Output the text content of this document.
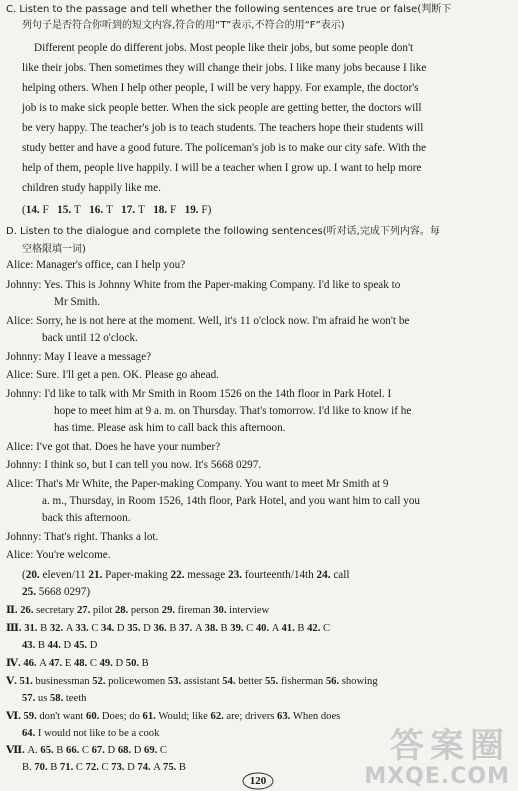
C. Listen to the passage and tell whether the following sentences are true or false(判断下
列句子是否符合你听到的短文内容,符合的用“T”表示,不符合的用“F”表示)
Different people do different jobs. Most people like their jobs, but some people don't
like their jobs. Then sometimes they will change their jobs. I like many jobs because I like
helping others. When I help other people, I will be very happy. For example, the doctor's
job is to make sick people better. When the sick people are getting better, the doctors will
be very happy. The teacher's job is to teach students. The teachers hope their students will
study better and have a good future. The policeman's job is to make our city safe. With the
help of them, people live happily. I will be a teacher when I grow up. I want to help more
children study happily like me.
(14. F 15. T 16. T 17. T 18. F 19. F)
D. Listen to the dialogue and complete the following sentences(听对话,完成下列内容。每
空格限填一词)
Alice: Manager's office, can I help you?
Johnny: Yes. This is Johnny White from the Paper-making Company. I'd like to speak to
Mr Smith.
Alice: Sorry, he is not here at the moment. Well, it's 11 o'clock now. I'm afraid he won't be
back until 12 o'clock.
Johnny: May I leave a message?
Alice: Sure. I'll get a pen. OK. Please go ahead.
Johnny: I'd like to talk with Mr Smith in Room 1526 on the 14th floor in Park Hotel. I
hope to meet him at 9 a. m. on Thursday. That's tomorrow. I'd like to know if he
has time. Please ask him to call back this afternoon.
Alice: I've got that. Does he have your number?
Johnny: I think so, but I can tell you now. It's 5668 0297.
Alice: That's Mr White, the Paper-making Company. You want to meet Mr Smith at 9
a. m., Thursday, in Room 1526, 14th floor, Park Hotel, and you want him to call you
back this afternoon.
Johnny: That's right. Thanks a lot.
Alice: You're welcome.
(20. eleven/11 21. Paper-making 22. message 23. fourteenth/14th 24. call
25. 5668 0297)
Ⅱ. 26. secretary 27. pilot 28. person 29. fireman 30. interview
Ⅲ. 31. B 32. A 33. C 34. D 35. D 36. B 37. A 38. B 39. C 40. A 41. B 42. C
43. B 44. D 45. D
Ⅳ. 46. A 47. E 48. C 49. D 50. B
Ⅴ. 51. businessman 52. policewomen 53. assistant 54. better 55. fisherman 56. showing
57. us 58. teeth
Ⅵ. 59. don't want 60. Does; do 61. Would; like 62. are; drivers 63. When does
64. I would not like to be a cook
Ⅶ. A. 65. B 66. C 67. D 68. D 69. C
B. 70. B 71. C 72. C 73. D 74. A 75. B
答案圈
MXQE.COM
120
